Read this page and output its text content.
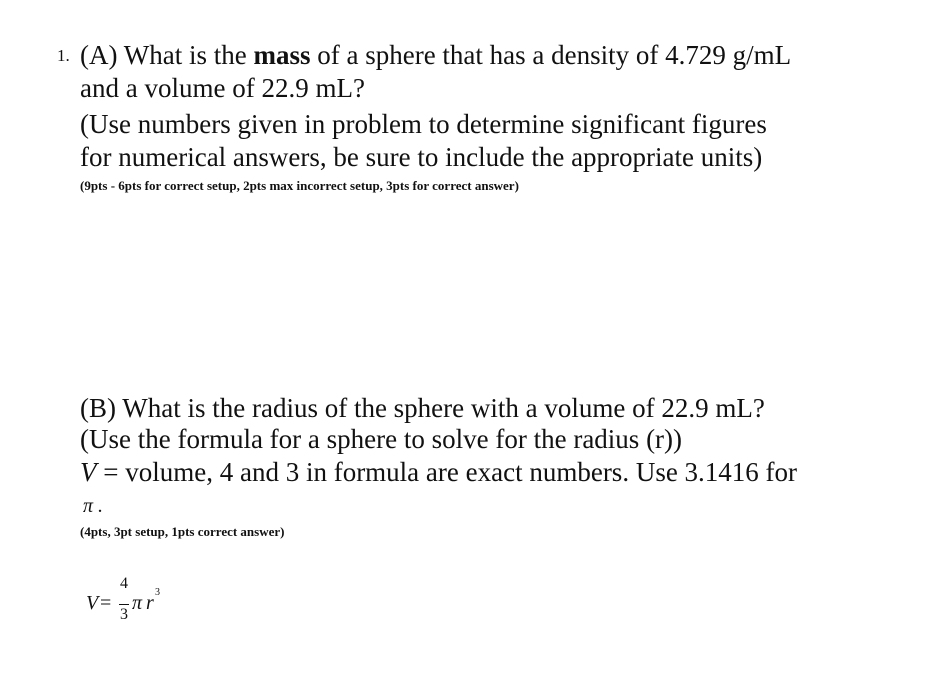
1. (A) What is the mass of a sphere that has a density of 4.729 g/mL
and a volume of 22.9 mL?
(Use numbers given in problem to determine significant figures
for numerical answers, be sure to include the appropriate units)
(9pts - 6pts for correct setup, 2pts max incorrect setup, 3pts for correct answer)
(B) What is the radius of the sphere with a volume of 22.9 mL?
(Use the formula for a sphere to solve for the radius (r))
V = volume, 4 and 3 in formula are exact numbers. Use 3.1416 for
π .
(4pts, 3pt setup, 1pts correct answer)
V =
4
3
π r 3
